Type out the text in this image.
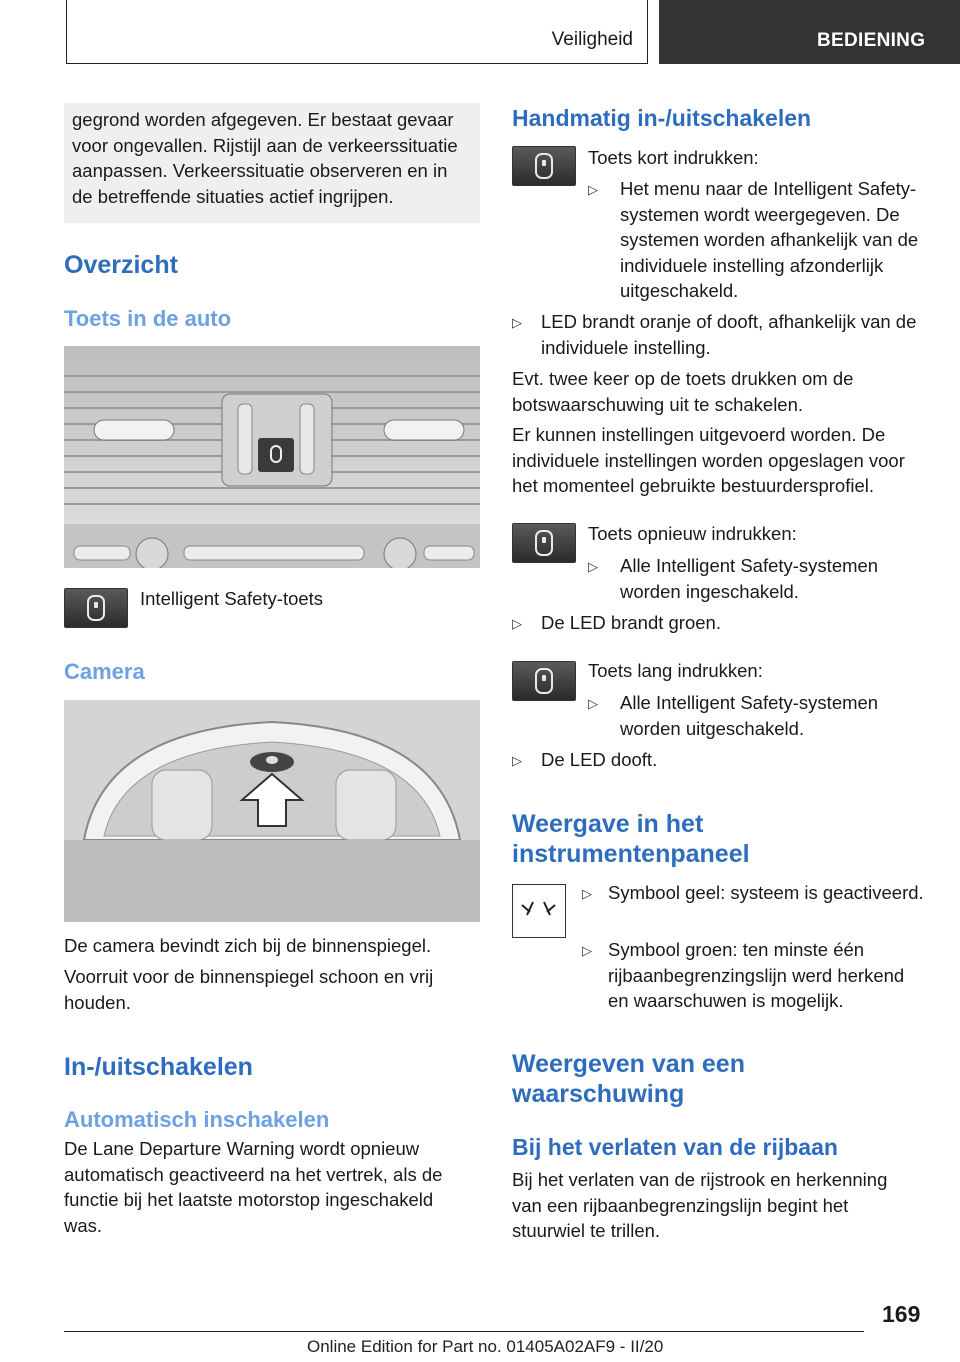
Veiligheid	BEDIENING
gegrond worden afgegeven. Er bestaat gevaar voor ongevallen. Rijstijl aan de verkeerssituatie aanpassen. Verkeerssituatie observeren en in de betreffende situaties actief ingrijpen.
Overzicht
Toets in de auto
Intelligent Safety-toets
Camera
De camera bevindt zich bij de binnenspiegel.
Voorruit voor de binnenspiegel schoon en vrij houden.
In-/uitschakelen
Automatisch inschakelen
De Lane Departure Warning wordt opnieuw automatisch geactiveerd na het vertrek, als de functie bij het laatste motorstop ingeschakeld was.
Handmatig in-/uitschakelen
Toets kort indrukken:
▷	Het menu naar de Intelligent Safety-systemen wordt weergegeven. De systemen worden afhankelijk van de individuele instelling afzonderlijk uitgeschakeld.
▷	LED brandt oranje of dooft, afhankelijk van de individuele instelling.
Evt. twee keer op de toets drukken om de botswaarschuwing uit te schakelen.
Er kunnen instellingen uitgevoerd worden. De individuele instellingen worden opgeslagen voor het momenteel gebruikte bestuurdersprofiel.
Toets opnieuw indrukken:
▷	Alle Intelligent Safety-systemen worden ingeschakeld.
▷	De LED brandt groen.
Toets lang indrukken:
▷	Alle Intelligent Safety-systemen worden uitgeschakeld.
▷	De LED dooft.
Weergave in het instrumentenpaneel
▷ Symbool geel: systeem is geactiveerd.
▷ Symbool groen: ten minste één rijbaanbegrenzingslijn werd herkend en waarschuwen is mogelijk.
Weergeven van een waarschuwing
Bij het verlaten van de rijbaan
Bij het verlaten van de rijstrook en herkenning van een rijbaanbegrenzingslijn begint het stuurwiel te trillen.
169
Online Edition for Part no. 01405A02AF9 - II/20
